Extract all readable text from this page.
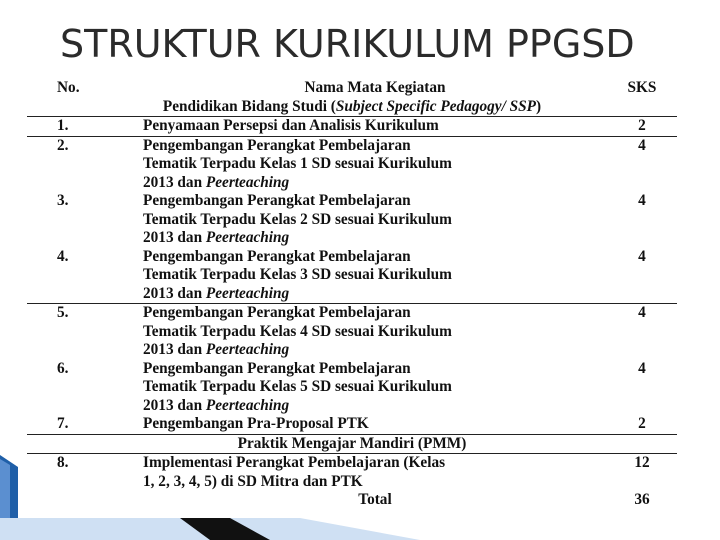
STRUKTUR KURIKULUM PPGSD
No.	Nama Mata Kegiatan	SKS
Pendidikan Bidang Studi (Subject Specific Pedagogy/ SSP)		
1.	Penyamaan Persepsi dan Analisis Kurikulum	2
2.	Pengembangan Perangkat Pembelajaran
Tematik Terpadu Kelas 1 SD sesuai Kurikulum
2013 dan Peerteaching	4
3.	Pengembangan Perangkat Pembelajaran
Tematik Terpadu Kelas 2 SD sesuai Kurikulum
2013 dan Peerteaching	4
4.	Pengembangan Perangkat Pembelajaran
Tematik Terpadu Kelas 3 SD sesuai Kurikulum
2013 dan Peerteaching	4
5.	Pengembangan Perangkat Pembelajaran
Tematik Terpadu Kelas 4 SD sesuai Kurikulum
2013 dan Peerteaching	4
6.	Pengembangan Perangkat Pembelajaran
Tematik Terpadu Kelas 5 SD sesuai Kurikulum
2013 dan Peerteaching	4
7.	Pengembangan Pra-Proposal PTK	2
Praktik Mengajar Mandiri (PMM)		
8.	Implementasi Perangkat Pembelajaran (Kelas
1, 2, 3, 4, 5) di SD Mitra dan PTK	12
	Total	36
